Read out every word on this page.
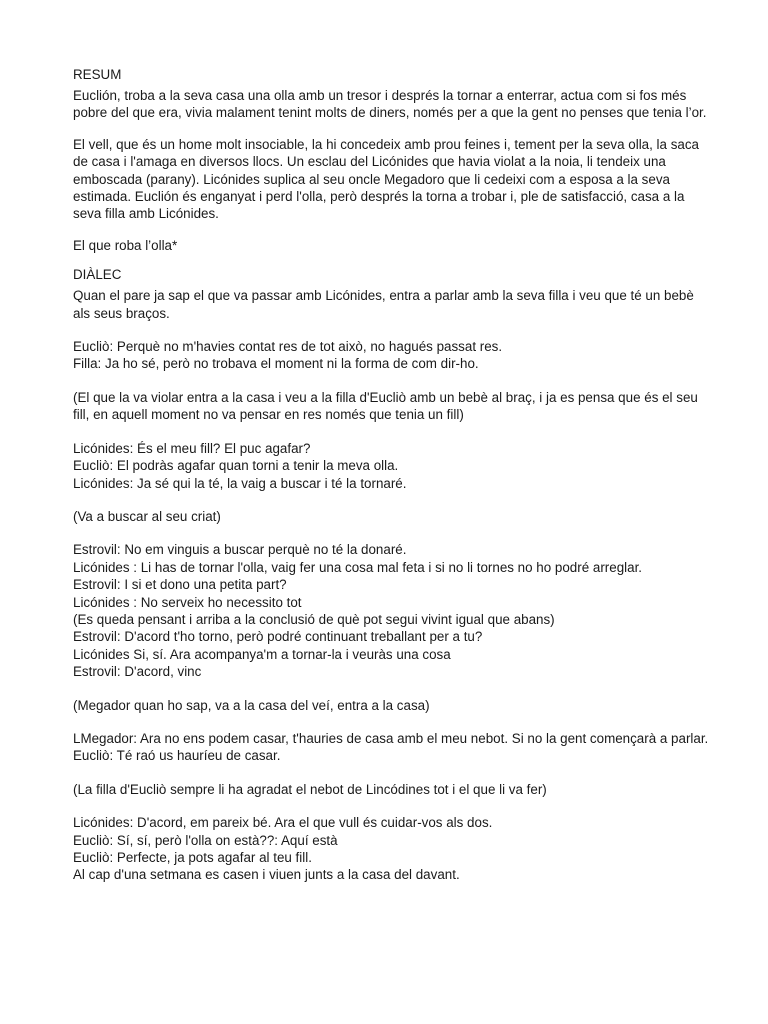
RESUM

Euclión, troba a la seva casa una olla amb un tresor i després la tornar a enterrar, actua com si fos més pobre del que era, vivia malament tenint molts de diners, només per a que la gent no penses que tenia l’or.

El vell, que és un home molt insociable, la hi concedeix amb prou feines i, tement per la seva olla, la saca de casa i l'amaga en diversos llocs. Un esclau del Licónides que havia violat a la noia, li tendeix una emboscada (parany). Licónides suplica al seu oncle Megadoro que li cedeixi com a esposa a la seva estimada. Euclión és enganyat i perd l'olla, però després la torna a trobar i, ple de satisfacció, casa a la seva filla amb Licónides.

El que roba l’olla*

DIÀLEC

Quan el pare ja sap el que va passar amb Licónides, entra a parlar amb la seva filla i veu que té un bebè als seus braços.

Eucliò: Perquè no m'havies contat res de tot això, no hagués passat res.

Filla: Ja ho sé, però no trobava el moment ni la forma de com dir-ho.

(El que la va violar entra a la casa i veu a la filla d'Eucliò amb un bebè al braç, i ja es pensa que és el seu fill, en aquell moment no va pensar en res només que tenia un fill)

Licónides: És el meu fill? El puc agafar?

Eucliò: El podràs agafar quan torni a tenir la meva olla.

Licónides: Ja sé qui la té, la vaig a buscar i té la tornaré.

(Va a buscar al seu criat)

Estrovil: No em vinguis a buscar perquè no té la donaré.

Licónides : Li has de tornar l'olla, vaig fer una cosa mal feta i si no li tornes no ho podré arreglar.

Estrovil: I si et dono una petita part?

Licónides : No serveix ho necessito tot

(Es queda pensant i arriba a la conclusió de què pot segui vivint igual que abans)

Estrovil: D'acord t'ho torno, però podré continuant treballant per a tu?

Licónides Si, sí. Ara acompanya'm a tornar-la i veuràs una cosa

Estrovil: D'acord, vinc

(Megador quan ho sap, va a la casa del veí, entra a la casa)

LMegador: Ara no ens podem casar, t'hauries de casa amb el meu nebot. Si no la gent començarà a parlar.

Eucliò: Té raó us hauríeu de casar.

(La filla d'Eucliò sempre li ha agradat el nebot de Lincódines tot i el que li va fer)

Licónides: D'acord, em pareix bé. Ara el que vull és cuidar-vos als dos.

Eucliò: Sí, sí, però l'olla on està??: Aquí està

Eucliò: Perfecte, ja pots agafar al teu fill.

Al cap d'una setmana es casen i viuen junts a la casa del davant.
